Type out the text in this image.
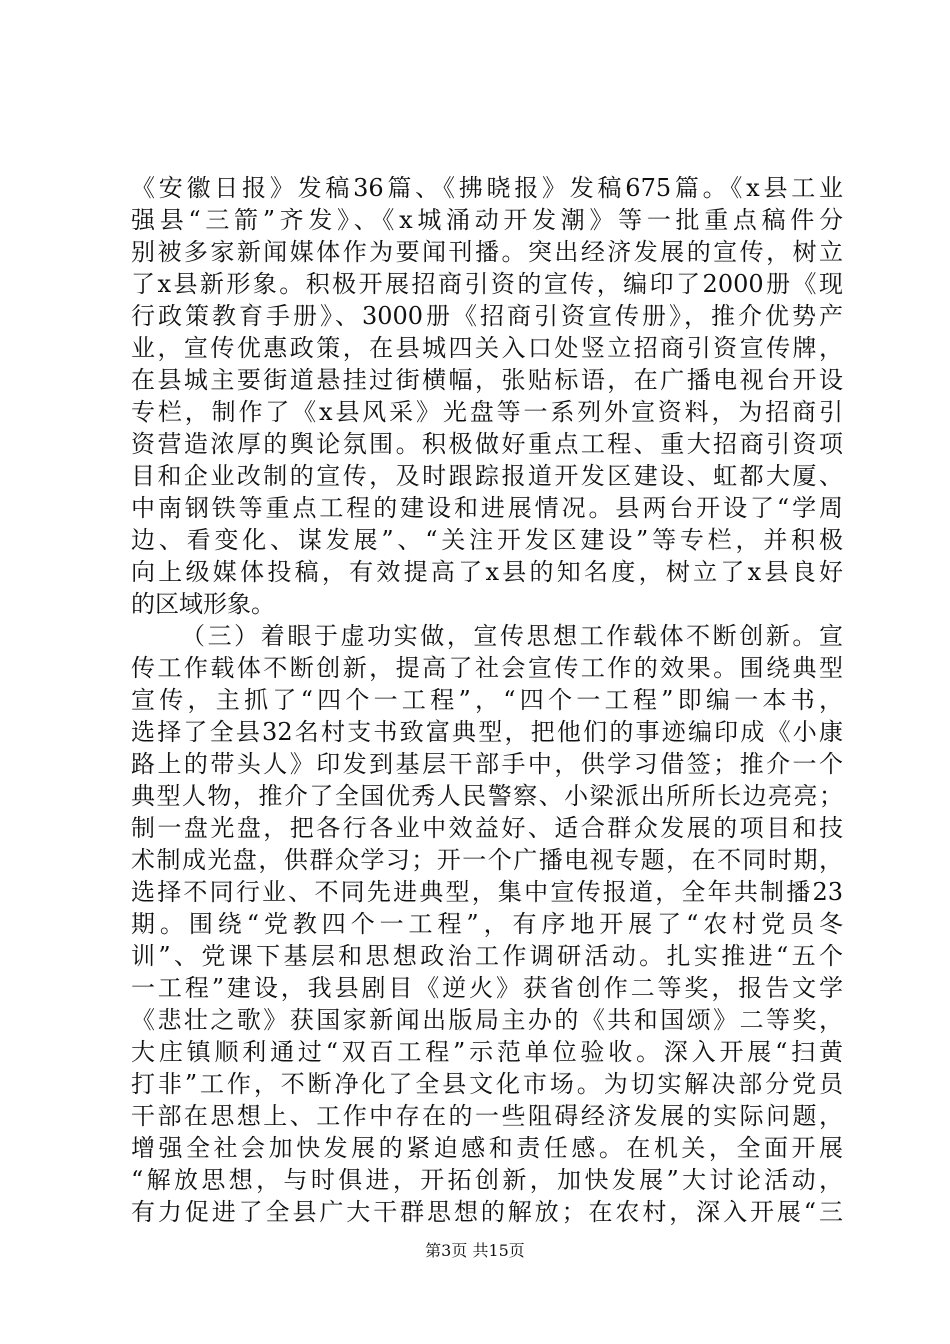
《安徽日报》发稿36篇、《拂晓报》发稿675篇。《x县工业
强县“三箭”齐发》、《x城涌动开发潮》等一批重点稿件分
别被多家新闻媒体作为要闻刊播。突出经济发展的宣传，树立
了x县新形象。积极开展招商引资的宣传，编印了2000册《现
行政策教育手册》、3000册《招商引资宣传册》，推介优势产
业，宣传优惠政策，在县城四关入口处竖立招商引资宣传牌，
在县城主要街道悬挂过街横幅，张贴标语，在广播电视台开设
专栏，制作了《x县风采》光盘等一系列外宣资料，为招商引
资营造浓厚的舆论氛围。积极做好重点工程、重大招商引资项
目和企业改制的宣传，及时跟踪报道开发区建设、虹都大厦、
中南钢铁等重点工程的建设和进展情况。县两台开设了“学周
边、看变化、谋发展”、“关注开发区建设”等专栏，并积极
向上级媒体投稿，有效提高了x县的知名度，树立了x县良好
的区域形象。
（三）着眼于虚功实做，宣传思想工作载体不断创新。宣
传工作载体不断创新，提高了社会宣传工作的效果。围绕典型
宣传，主抓了“四个一工程”，“四个一工程”即编一本书，
选择了全县32名村支书致富典型，把他们的事迹编印成《小康
路上的带头人》印发到基层干部手中，供学习借签；推介一个
典型人物，推介了全国优秀人民警察、小梁派出所所长边亮亮；
制一盘光盘，把各行各业中效益好、适合群众发展的项目和技
术制成光盘，供群众学习；开一个广播电视专题，在不同时期，
选择不同行业、不同先进典型，集中宣传报道，全年共制播23
期。围绕“党教四个一工程”，有序地开展了“农村党员冬
训”、党课下基层和思想政治工作调研活动。扎实推进“五个
一工程”建设，我县剧目《逆火》获省创作二等奖，报告文学
《悲壮之歌》获国家新闻出版局主办的《共和国颂》二等奖，
大庄镇顺利通过“双百工程”示范单位验收。深入开展“扫黄
打非”工作，不断净化了全县文化市场。为切实解决部分党员
干部在思想上、工作中存在的一些阻碍经济发展的实际问题，
增强全社会加快发展的紧迫感和责任感。在机关，全面开展
“解放思想，与时俱进，开拓创新，加快发展”大讨论活动，
有力促进了全县广大干群思想的解放；在农村，深入开展“三
第3页 共15页
